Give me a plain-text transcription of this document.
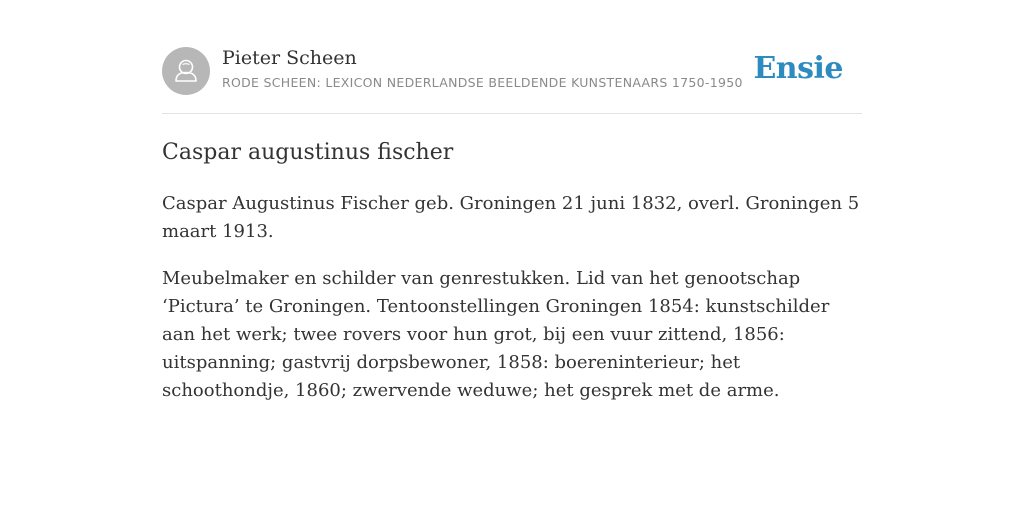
Pieter Scheen
RODE SCHEEN: LEXICON NEDERLANDSE BEELDENDE KUNSTENAARS 1750-1950 Ensie
Caspar augustinus fischer

Caspar Augustinus Fischer geb. Groningen 21 juni 1832, overl. Groningen 5 maart 1913.

Meubelmaker en schilder van genrestukken. Lid van het genootschap ‘Pictura’ te Groningen. Tentoonstellingen Groningen 1854: kunstschilder aan het werk; twee rovers voor hun grot, bij een vuur zittend, 1856: uitspanning; gastvrij dorpsbewoner, 1858: boereninterieur; het schoothondje, 1860; zwervende weduwe; het gesprek met de arme.
